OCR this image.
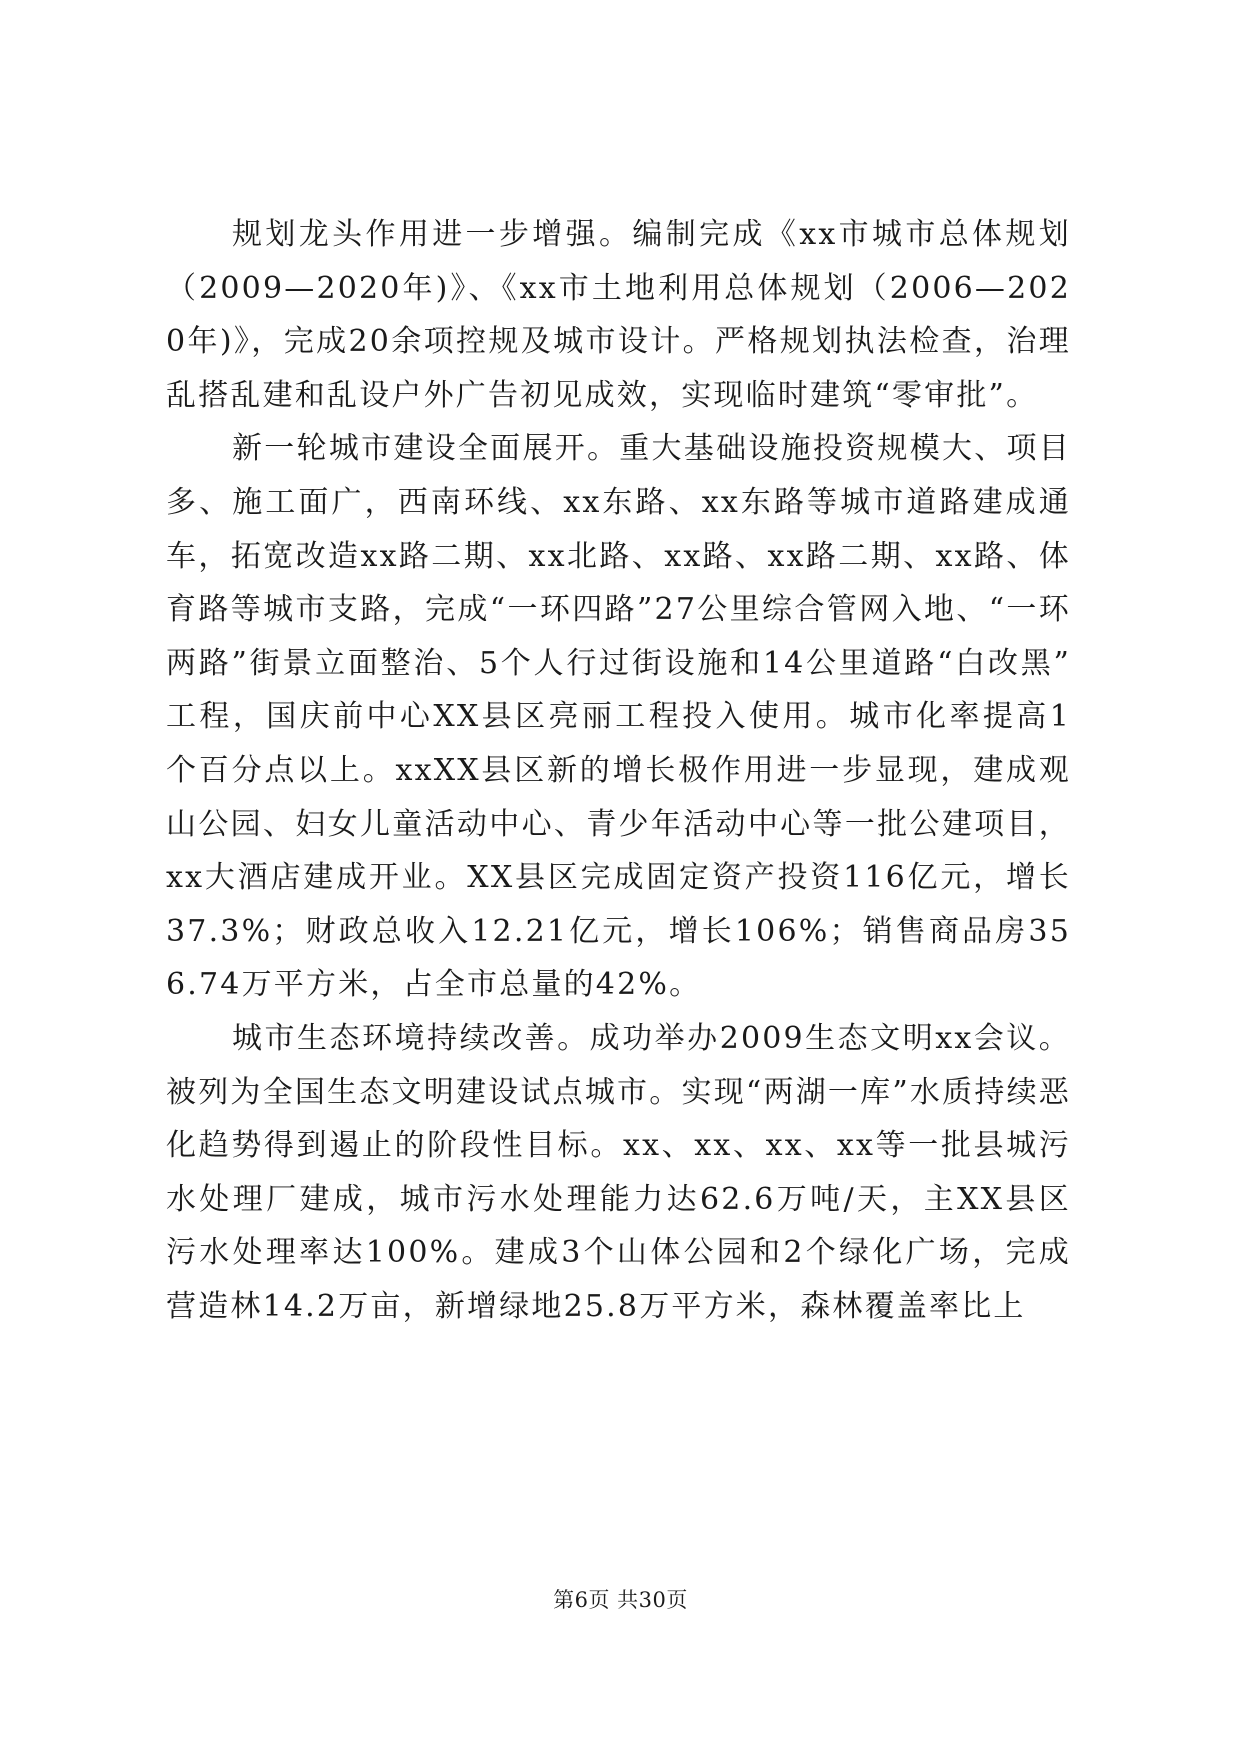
规划龙头作用进一步增强。编制完成《xx市城市总体规划（2009—2020年)》、《xx市土地利用总体规划（2006—2020年)》，完成20余项控规及城市设计。严格规划执法检查，治理乱搭乱建和乱设户外广告初见成效，实现临时建筑“零审批”。

新一轮城市建设全面展开。重大基础设施投资规模大、项目多、施工面广，西南环线、xx东路、xx东路等城市道路建成通车，拓宽改造xx路二期、xx北路、xx路、xx路二期、xx路、体育路等城市支路，完成“一环四路”27公里综合管网入地、“一环两路”街景立面整治、5个人行过街设施和14公里道路“白改黑”工程，国庆前中心XX县区亮丽工程投入使用。城市化率提高1个百分点以上。xxXX县区新的增长极作用进一步显现，建成观山公园、妇女儿童活动中心、青少年活动中心等一批公建项目，xx大酒店建成开业。XX县区完成固定资产投资116亿元，增长37.3%；财政总收入12.21亿元，增长106%；销售商品房356.74万平方米，占全市总量的42%。

城市生态环境持续改善。成功举办2009生态文明xx会议。被列为全国生态文明建设试点城市。实现“两湖一库”水质持续恶化趋势得到遏止的阶段性目标。xx、xx、xx、xx等一批县城污水处理厂建成，城市污水处理能力达62.6万吨/天，主XX县区污水处理率达100%。建成3个山体公园和2个绿化广场，完成营造林14.2万亩，新增绿地25.8万平方米，森林覆盖率比上

第6页 共30页
